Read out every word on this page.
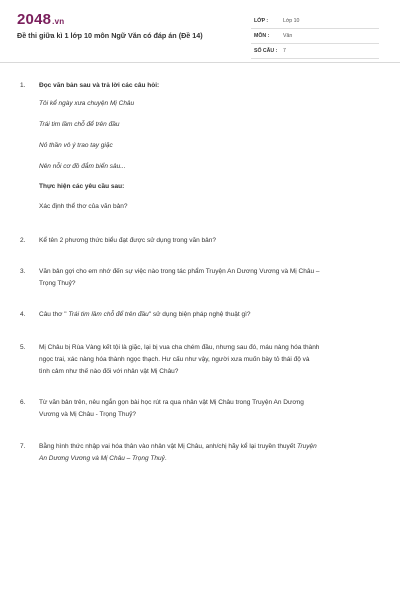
2048.vn
Đề thi giữa kì 1 lớp 10 môn Ngữ Văn có đáp án (Đề 14)
LỚP :	Lớp 10
MÔN :	Văn
SỐ CÂU : 7
1.	Đọc văn bản sau và trả lời các câu hỏi:
Tôi kể ngày xưa chuyện Mị Châu
Trái tim lầm chỗ để trên đầu
Nỏ thần vô ý trao tay giặc
Nên nỗi cơ đồ đắm biển sâu...
Thực hiện các yêu cầu sau:
Xác định thể thơ của văn bản?
2.	Kể tên 2 phương thức biểu đạt được sử dụng trong văn bản?
3.	Văn bản gợi cho em nhớ đến sự việc nào trong tác phẩm Truyện An Dương Vương và Mị Châu –
Trọng Thuỷ?
4.	Câu thơ " Trái tim lầm chỗ để trên đầu" sử dụng biện pháp nghệ thuật gì?
5.	Mị Châu bị Rùa Vàng kết tội là giặc, lại bị vua cha chém đầu, nhưng sau đó, máu nàng hóa thành
ngọc trai, xác nàng hóa thành ngọc thạch. Hư cấu như vậy, người xưa muốn bày tỏ thái độ và
tình cảm như thế nào đối với nhân vật Mị Châu?
6.	Từ văn bản trên, nêu ngắn gọn bài học rút ra qua nhân vật Mị Châu trong Truyện An Dương
Vương và Mị Châu - Trọng Thuỷ?
7.	Bằng hình thức nhập vai hóa thân vào nhân vật Mị Châu, anh/chị hãy kể lại truyền thuyết Truyện
An Dương Vương và Mị Châu – Trọng Thuỷ.
